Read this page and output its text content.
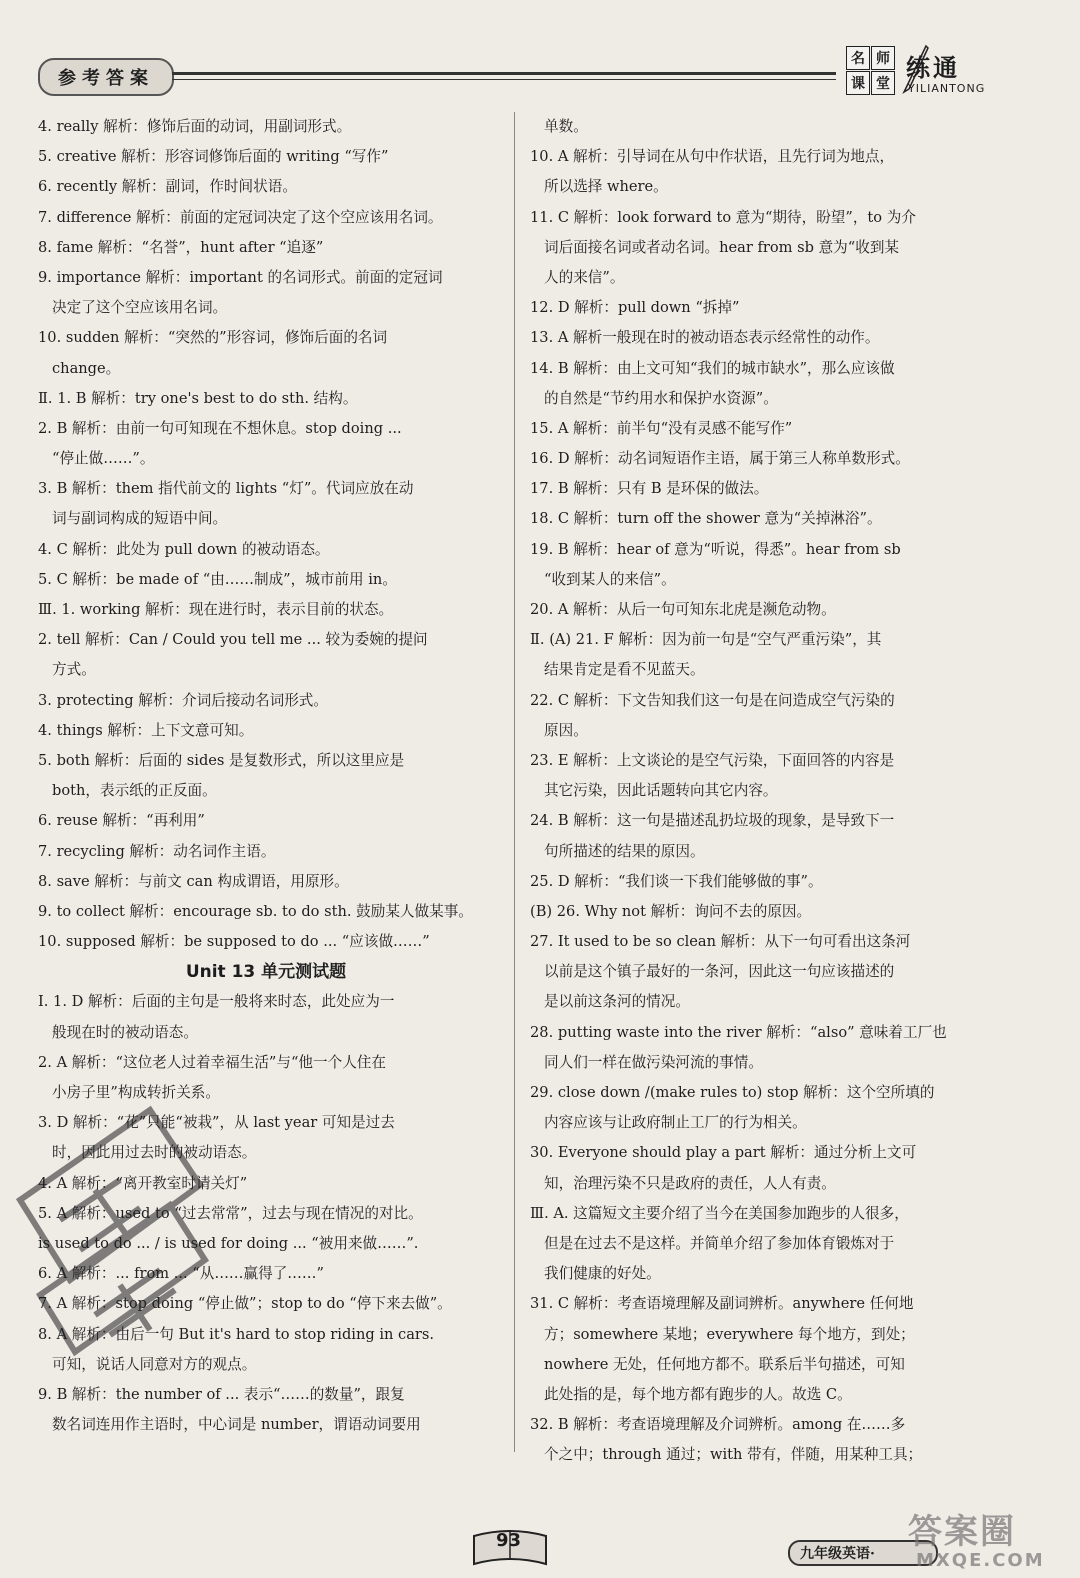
参考答案
名 师
课 堂
练通
YILIANTONG
4. really 解析：修饰后面的动词，用副词形式。
5. creative 解析：形容词修饰后面的 writing “写作”
6. recently 解析：副词，作时间状语。
7. difference 解析：前面的定冠词决定了这个空应该用名词。
8. fame 解析：“名誉”，hunt after “追逐”
9. importance 解析：important 的名词形式。前面的定冠词
决定了这个空应该用名词。
10. sudden 解析：“突然的”形容词，修饰后面的名词
change。
Ⅱ. 1. B 解析：try one's best to do sth. 结构。
2. B 解析：由前一句可知现在不想休息。stop doing ...
“停止做……”。
3. B 解析：them 指代前文的 lights “灯”。代词应放在动
词与副词构成的短语中间。
4. C 解析：此处为 pull down 的被动语态。
5. C 解析：be made of “由……制成”，城市前用 in。
Ⅲ. 1. working 解析：现在进行时，表示目前的状态。
2. tell 解析：Can / Could you tell me ... 较为委婉的提问
方式。
3. protecting 解析：介词后接动名词形式。
4. things 解析：上下文意可知。
5. both 解析：后面的 sides 是复数形式，所以这里应是
both，表示纸的正反面。
6. reuse 解析：“再利用”
7. recycling 解析：动名词作主语。
8. save 解析：与前文 can 构成谓语，用原形。
9. to collect 解析：encourage sb. to do sth. 鼓励某人做某事。
10. supposed 解析：be supposed to do ... “应该做……”
Unit 13 单元测试题
Ⅰ. 1. D 解析：后面的主句是一般将来时态，此处应为一
般现在时的被动语态。
2. A 解析：“这位老人过着幸福生活”与“他一个人住在
小房子里”构成转折关系。
3. D 解析：“花”只能“被栽”，从 last year 可知是过去
时，因此用过去时的被动语态。
4. A 解析：“离开教室时请关灯”
5. A 解析：used to “过去常常”，过去与现在情况的对比。
is used to do ... / is used for doing ... “被用来做……”.
6. A 解析：... from ... “从……赢得了……”
7. A 解析：stop doing “停止做”；stop to do “停下来去做”。
8. A 解析：由后一句 But it's hard to stop riding in cars.
可知，说话人同意对方的观点。
9. B 解析：the number of ... 表示“……的数量”，跟复
数名词连用作主语时，中心词是 number，谓语动词要用
单数。
10. A 解析：引导词在从句中作状语，且先行词为地点，
所以选择 where。
11. C 解析：look forward to 意为“期待，盼望”，to 为介
词后面接名词或者动名词。hear from sb 意为“收到某
人的来信”。
12. D 解析：pull down “拆掉”
13. A 解析一般现在时的被动语态表示经常性的动作。
14. B 解析：由上文可知“我们的城市缺水”，那么应该做
的自然是“节约用水和保护水资源”。
15. A 解析：前半句“没有灵感不能写作”
16. D 解析：动名词短语作主语，属于第三人称单数形式。
17. B 解析：只有 B 是环保的做法。
18. C 解析：turn off the shower 意为“关掉淋浴”。
19. B 解析：hear of 意为“听说，得悉”。hear from sb
“收到某人的来信”。
20. A 解析：从后一句可知东北虎是濒危动物。
Ⅱ. (A) 21. F 解析：因为前一句是“空气严重污染”，其
结果肯定是看不见蓝天。
22. C 解析：下文告知我们这一句是在问造成空气污染的
原因。
23. E 解析：上文谈论的是空气污染，下面回答的内容是
其它污染，因此话题转向其它内容。
24. B 解析：这一句是描述乱扔垃圾的现象，是导致下一
句所描述的结果的原因。
25. D 解析：“我们谈一下我们能够做的事”。
(B) 26. Why not 解析：询问不去的原因。
27. It used to be so clean 解析：从下一句可看出这条河
以前是这个镇子最好的一条河，因此这一句应该描述的
是以前这条河的情况。
28. putting waste into the river 解析：“also” 意味着工厂也
同人们一样在做污染河流的事情。
29. close down /(make rules to) stop 解析：这个空所填的
内容应该与让政府制止工厂的行为相关。
30. Everyone should play a part 解析：通过分析上文可
知，治理污染不只是政府的责任，人人有责。
Ⅲ. A. 这篇短文主要介绍了当今在美国参加跑步的人很多，
但是在过去不是这样。并简单介绍了参加体育锻炼对于
我们健康的好处。
31. C 解析：考查语境理解及副词辨析。anywhere 任何地
方；somewhere 某地；everywhere 每个地方，到处；
nowhere 无处，任何地方都不。联系后半句描述，可知
此处指的是，每个地方都有跑步的人。故选 C。
32. B 解析：考查语境理解及介词辨析。among 在……多
个之中；through 通过；with 带有，伴随，用某种工具；
93
九年级英语·
答案圈
MXQE.COM
